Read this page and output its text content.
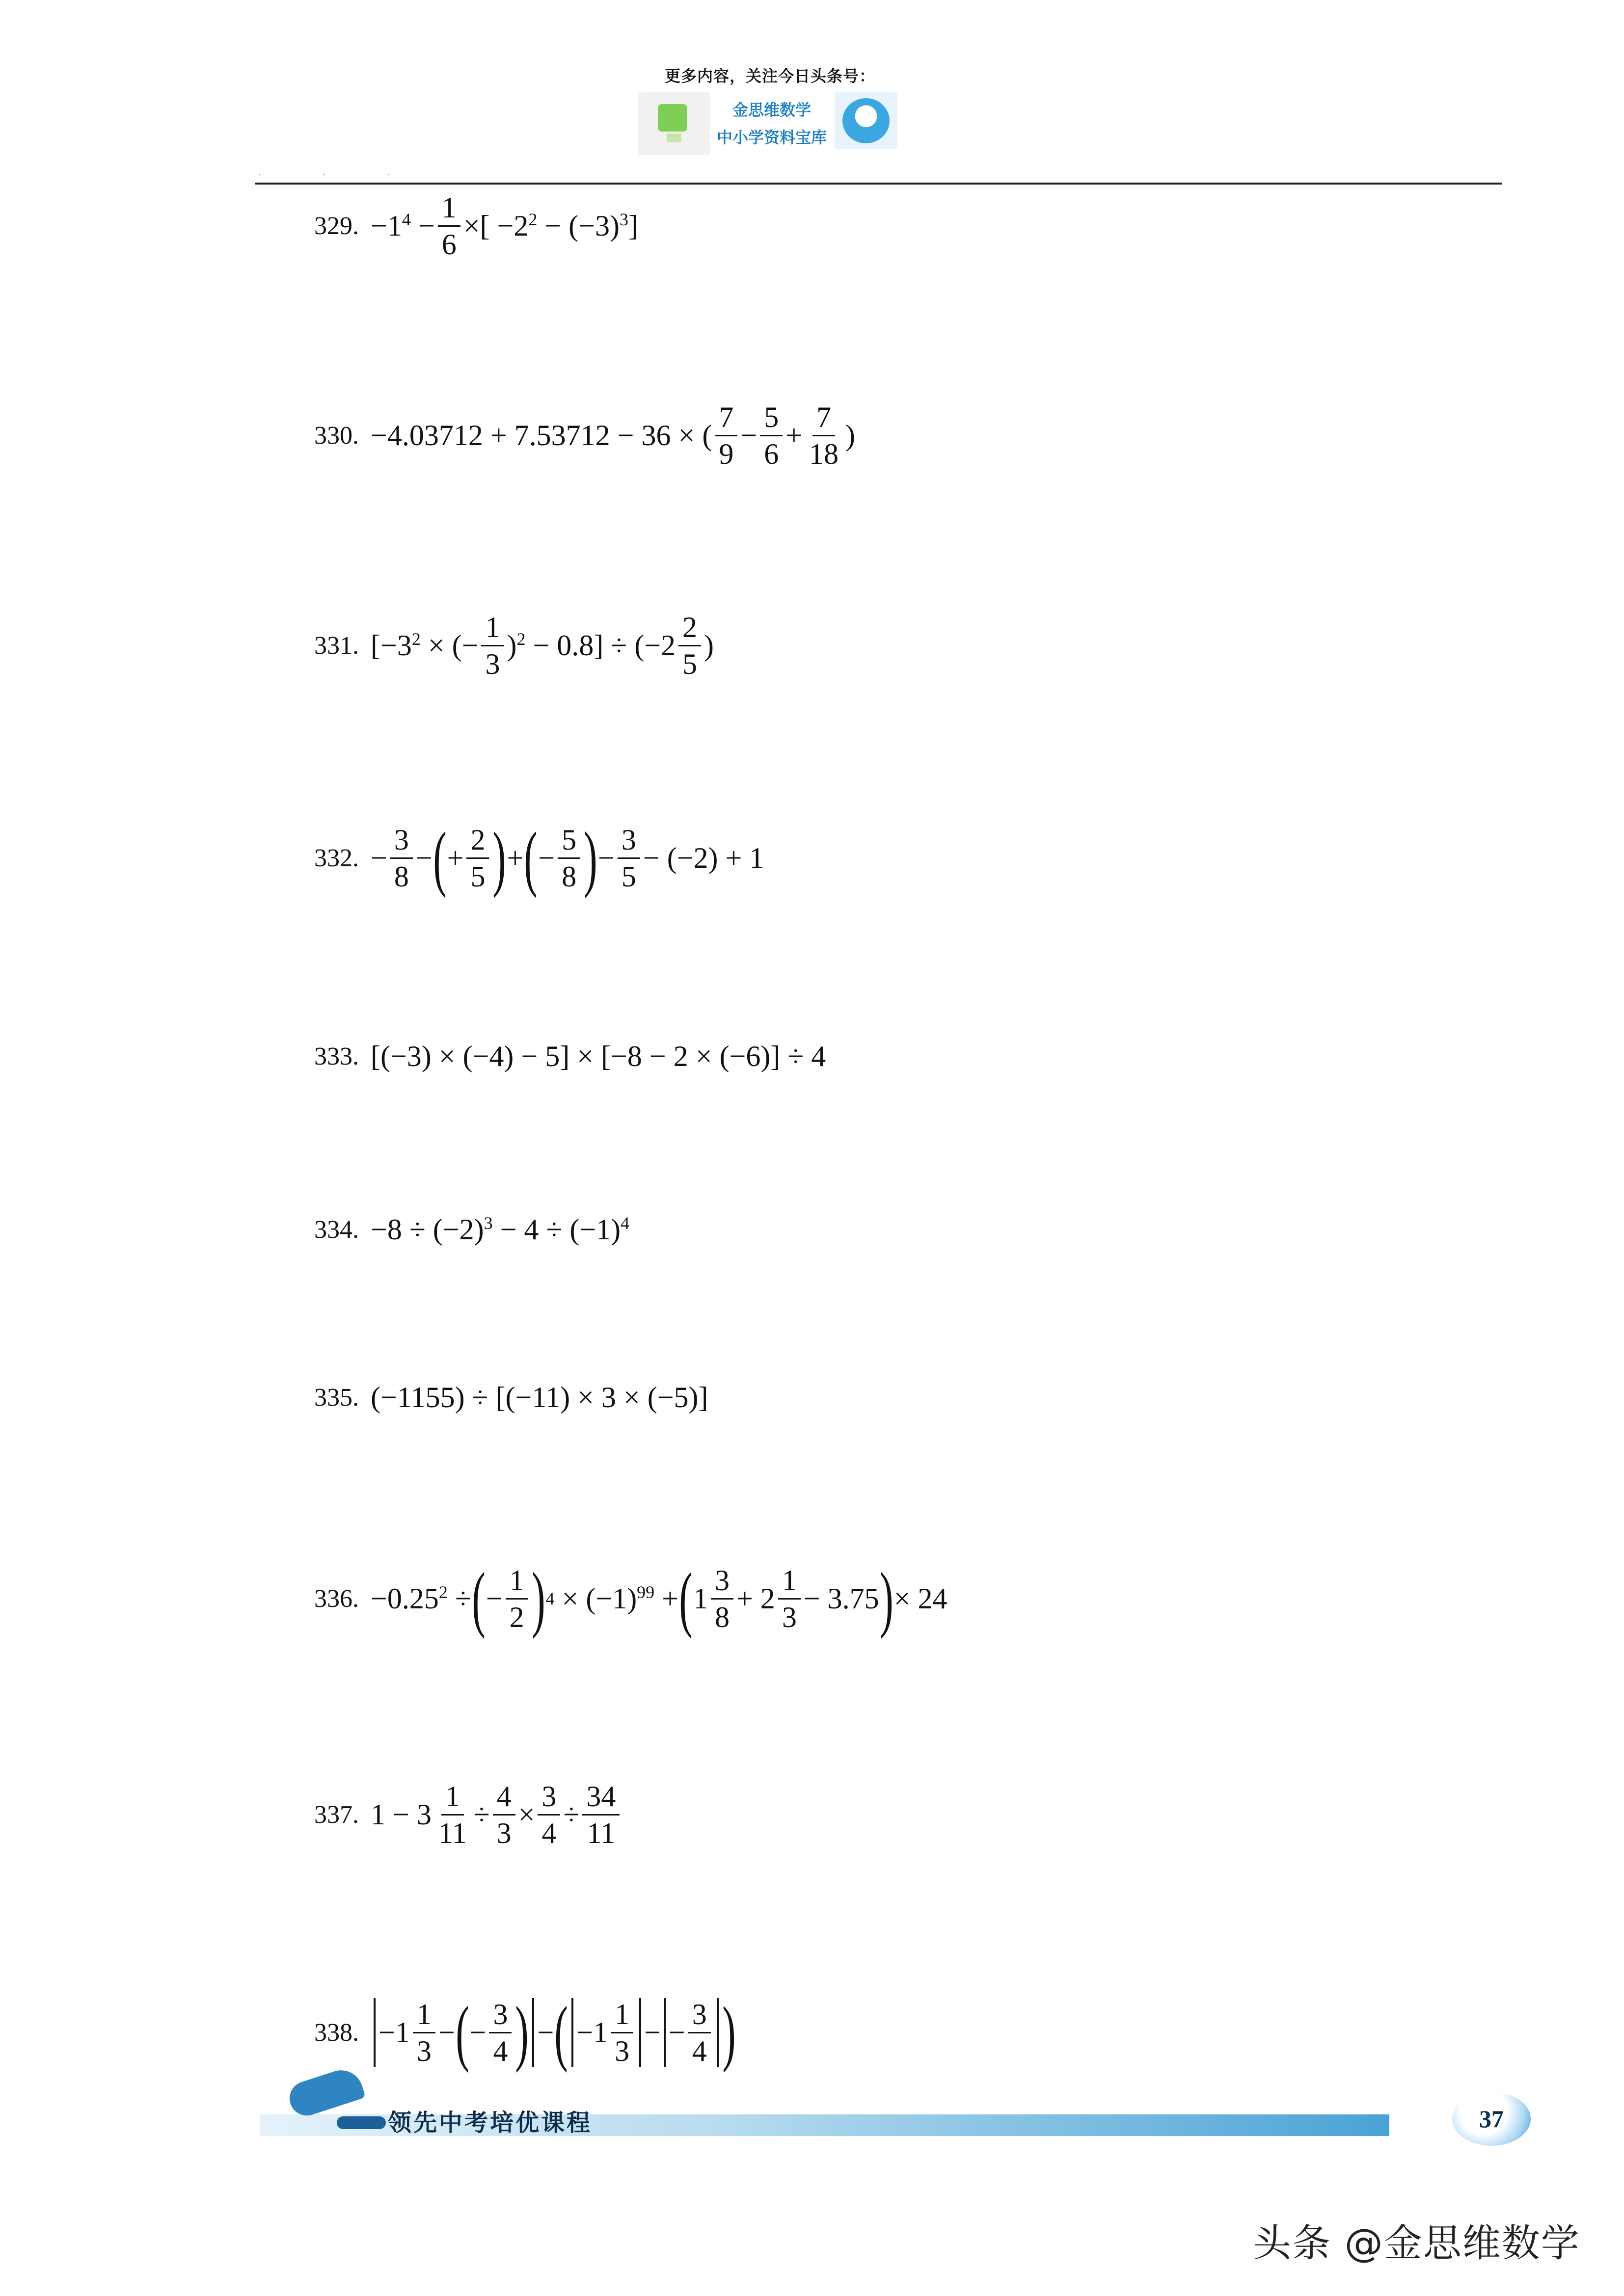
更多内容，关注今日头条号：
金思维数学
中小学资料宝库
· · ·
329. $-1^4 - \frac{1}{6}$ ×[ $-2^2 - (-3)^3$]
330. −4.03712 + 7.53712 − 36 × ( $\frac{7}{9} - \frac{5}{6} + \frac{7}{18}$ )
331. [$-3^2$ × (− $\frac{1}{3} )^2 - 0.8] \div (-2 \frac{2}{5}$ )
332. − $\frac{3}{8}$ − ( + $\frac{2}{5}$ ) + ( − $\frac{5}{8}$ ) − $\frac{3}{5} - (-2) + 1$
333. [(−3) × (−4) − 5] × [−8 − 2 × (−6)] ÷ 4
334. $-8 \div (-2)^3 - 4 \div (-1)^4$
335. (−1155) ÷ [(−11) × 3 × (−5)]
336. $-0.25^2$ ÷ ( − $\frac{1}{2}$ ) $4 \times (-1)^{99}$ + ( $1 \frac{3}{8} + 2 \frac{1}{3} - 3.75$ ) × 24
337. $1 - 3 \frac{1}{11} \div \frac{4}{3} \times \frac{3}{4} \div \frac{34}{11}$
338. $-1 \frac{1}{3}$ − ( − $\frac{3}{4}$ ) − ( $-1 \frac{1}{3}$ − − $\frac{3}{4}$ )
领先中考培优课程	37
头条 @金思维数学
